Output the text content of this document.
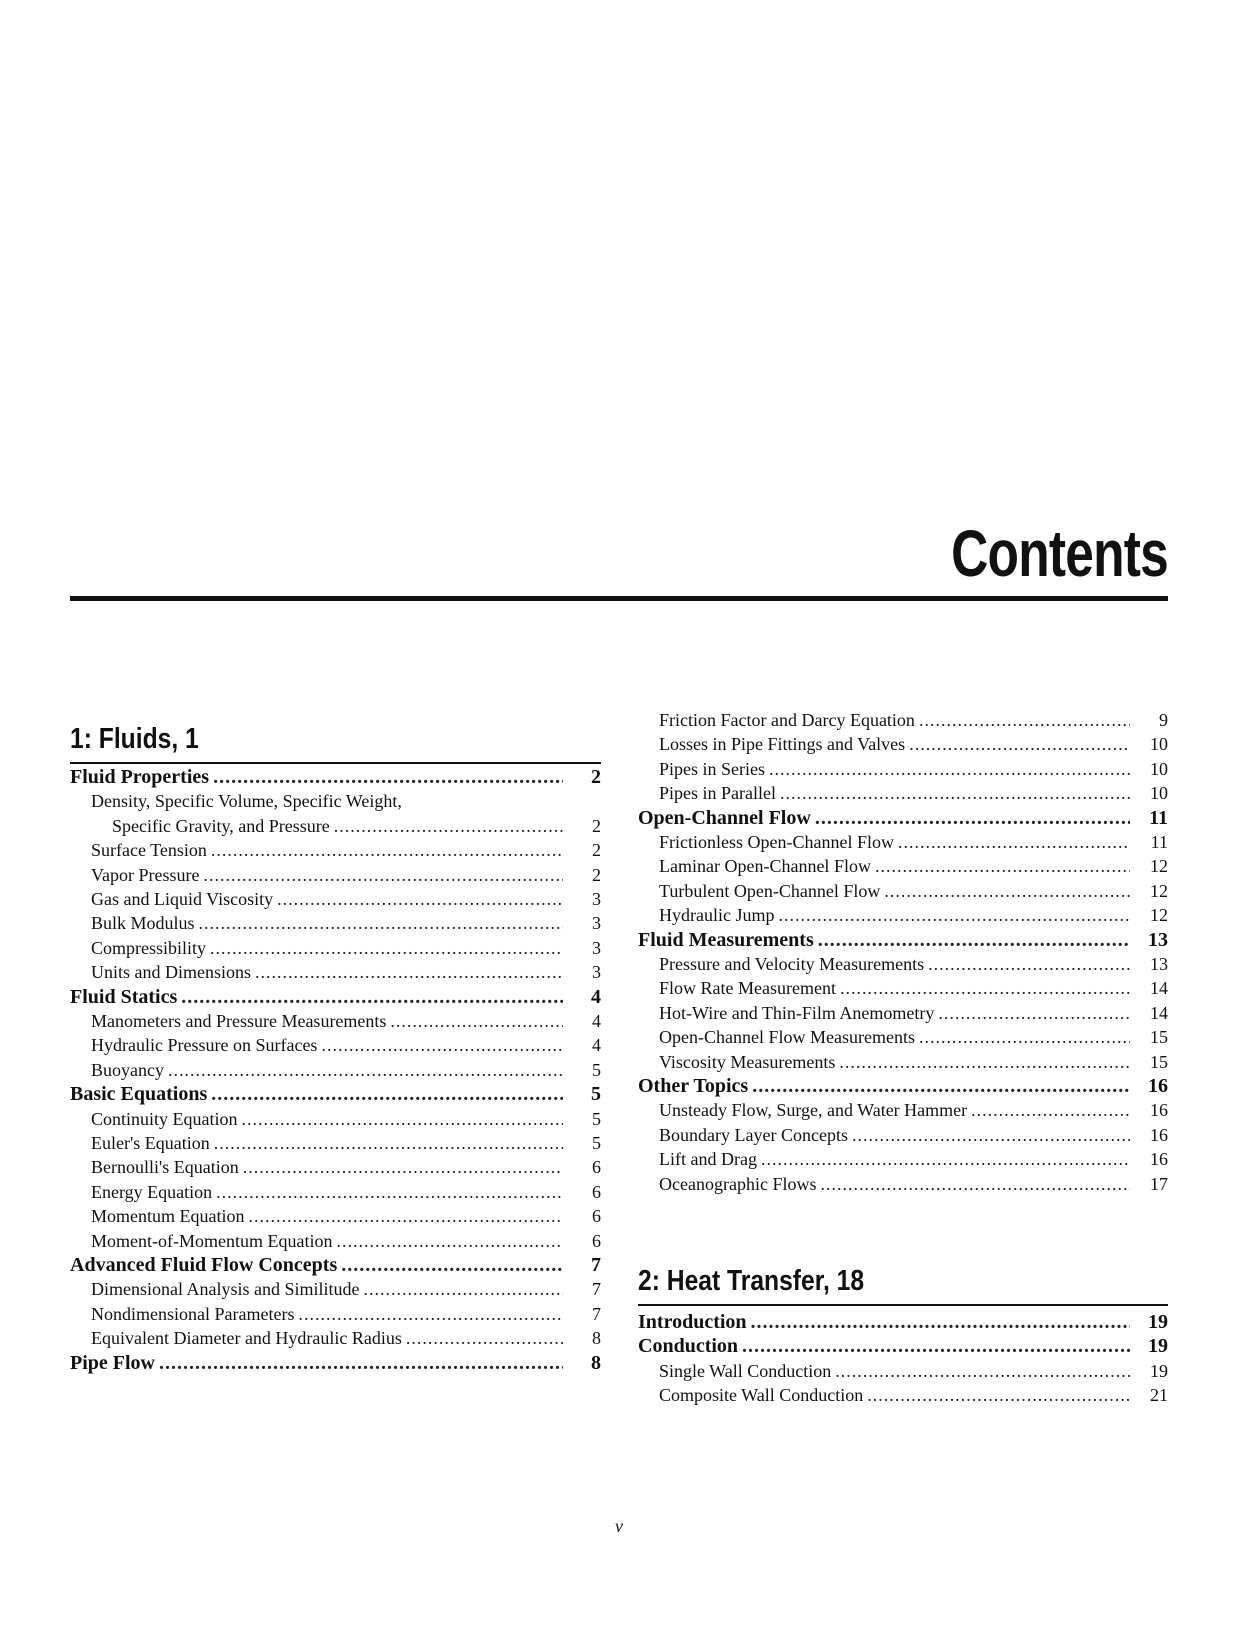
Contents
1: Fluids, 1
Fluid Properties .....	2
Density, Specific Volume, Specific Weight,
Specific Gravity, and Pressure .....	2
Surface Tension .....	2
Vapor Pressure .....	2
Gas and Liquid Viscosity .....	3
Bulk Modulus .....	3
Compressibility .....	3
Units and Dimensions .....	3
Fluid Statics .....	4
Manometers and Pressure Measurements .....	4
Hydraulic Pressure on Surfaces .....	4
Buoyancy .....	5
Basic Equations .....	5
Continuity Equation .....	5
Euler's Equation .....	5
Bernoulli's Equation .....	6
Energy Equation .....	6
Momentum Equation .....	6
Moment-of-Momentum Equation .....	6
Advanced Fluid Flow Concepts .....	7
Dimensional Analysis and Similitude .....	7
Nondimensional Parameters .....	7
Equivalent Diameter and Hydraulic Radius .....	8
Pipe Flow .....	8
Friction Factor and Darcy Equation .....	9
Losses in Pipe Fittings and Valves .....	10
Pipes in Series .....	10
Pipes in Parallel .....	10
Open-Channel Flow .....	11
Frictionless Open-Channel Flow .....	11
Laminar Open-Channel Flow .....	12
Turbulent Open-Channel Flow .....	12
Hydraulic Jump .....	12
Fluid Measurements .....	13
Pressure and Velocity Measurements .....	13
Flow Rate Measurement .....	14
Hot-Wire and Thin-Film Anemometry .....	14
Open-Channel Flow Measurements .....	15
Viscosity Measurements .....	15
Other Topics .....	16
Unsteady Flow, Surge, and Water Hammer .....	16
Boundary Layer Concepts .....	16
Lift and Drag .....	16
Oceanographic Flows .....	17
2: Heat Transfer, 18
Introduction .....	19
Conduction .....	19
Single Wall Conduction .....	19
Composite Wall Conduction .....	21
v
